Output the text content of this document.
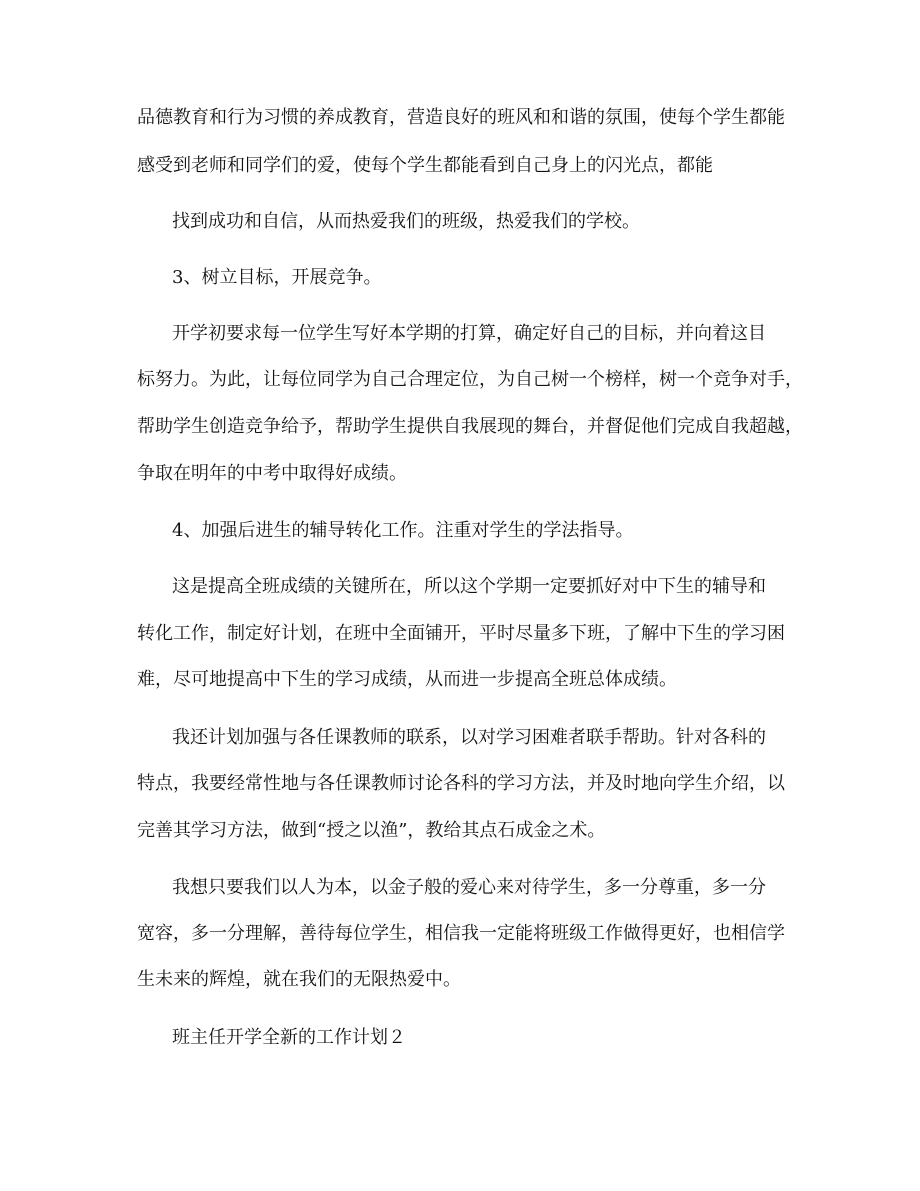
品德教育和行为习惯的养成教育，营造良好的班风和和谐的氛围，使每个学生都能
感受到老师和同学们的爱，使每个学生都能看到自己身上的闪光点，都能
找到成功和自信，从而热爱我们的班级，热爱我们的学校。
3、树立目标，开展竞争。
开学初要求每一位学生写好本学期的打算，确定好自己的目标，并向着这目
标努力。为此，让每位同学为自己合理定位，为自己树一个榜样，树一个竞争对手，
帮助学生创造竞争给予，帮助学生提供自我展现的舞台，并督促他们完成自我超越，
争取在明年的中考中取得好成绩。
4、加强后进生的辅导转化工作。注重对学生的学法指导。
这是提高全班成绩的关键所在，所以这个学期一定要抓好对中下生的辅导和
转化工作，制定好计划，在班中全面铺开，平时尽量多下班，了解中下生的学习困
难，尽可地提高中下生的学习成绩，从而进一步提高全班总体成绩。
我还计划加强与各任课教师的联系，以对学习困难者联手帮助。针对各科的
特点，我要经常性地与各任课教师讨论各科的学习方法，并及时地向学生介绍，以
完善其学习方法，做到“授之以渔”，教给其点石成金之术。
我想只要我们以人为本，以金子般的爱心来对待学生，多一分尊重，多一分
宽容，多一分理解，善待每位学生，相信我一定能将班级工作做得更好，也相信学
生未来的辉煌，就在我们的无限热爱中。
班主任开学全新的工作计划２
